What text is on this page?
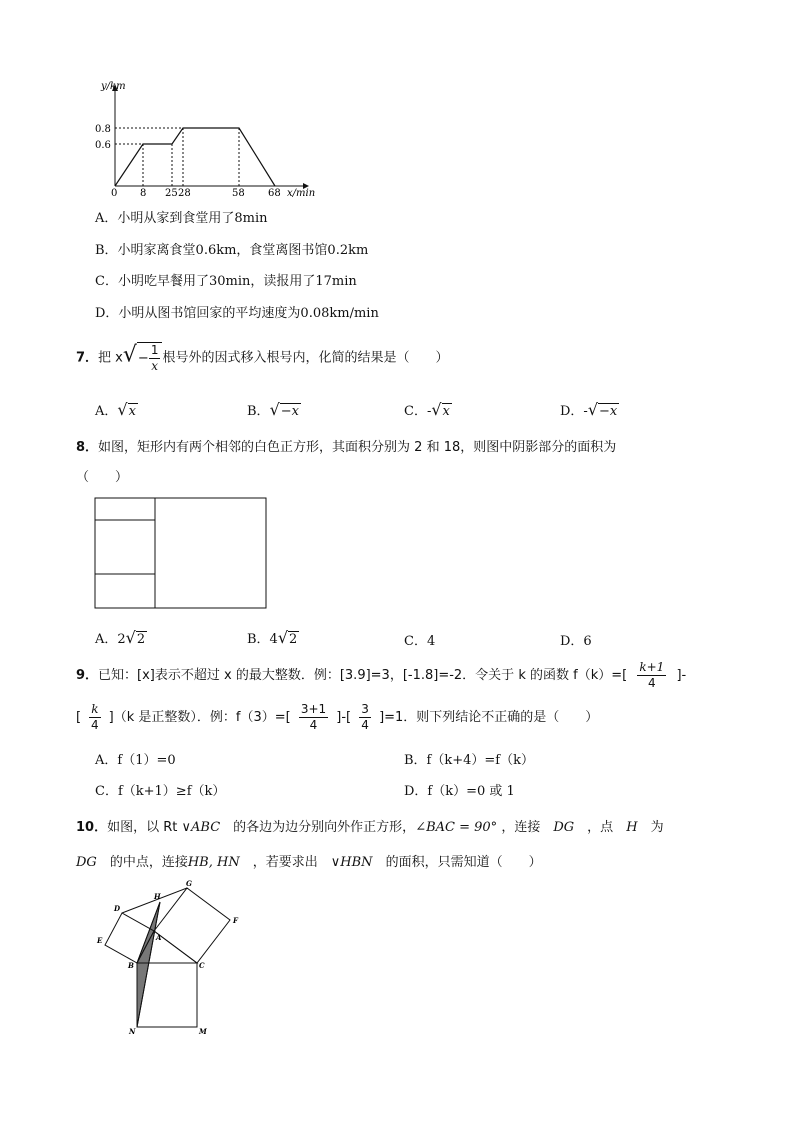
y/km
x/min
0.8
0.6
0 8 25 28	58 68
A．小明从家到食堂用了8min
B．小明家离食堂0.6km，食堂离图书馆0.2km
C．小明吃早餐用了30min，读报用了17min
D．小明从图书馆回家的平均速度为0.08km/min
7．把 $x√- \frac{1}{x}$ 根号外的因式移入根号内，化简的结果是（　　）
A．√x	B．√−x	C．-√x	D．-√−x
8．如图，矩形内有两个相邻的白色正方形，其面积分别为 2 和 18，则图中阴影部分的面积为
（　　）
A．2√2	B．4√2	C．4	D．6
9．已知：[x]表示不超过 x 的最大整数．例：[3.9]=3，[-1.8]=-2．令关于 k 的函数 $f(k)=[ \frac{k+1}{4}$ ]-
[ $\frac{k}{4} ](k$ 是正整数）．例：$f(3)=[ \frac{3+1}{4}$ ]-[ $\frac{3}{4} ]=1$．则下列结论不正确的是（　　）
A．f（1）=0	B．f（k+4）=f（k）
C．f（k+1）≥f（k）	D．f（k）=0 或 1
10．如图，以 Rt ∨ABC　 的各边为边分别向外作正方形，∠BAC = 90° ，连接　 DG　 ，点　 H　 为
DG　 的中点，连接HB, HN　 ，若要求出　 ∨HBN　 的面积，只需知道（　　）
D
H
G
F
E	A
B	C
N	M
